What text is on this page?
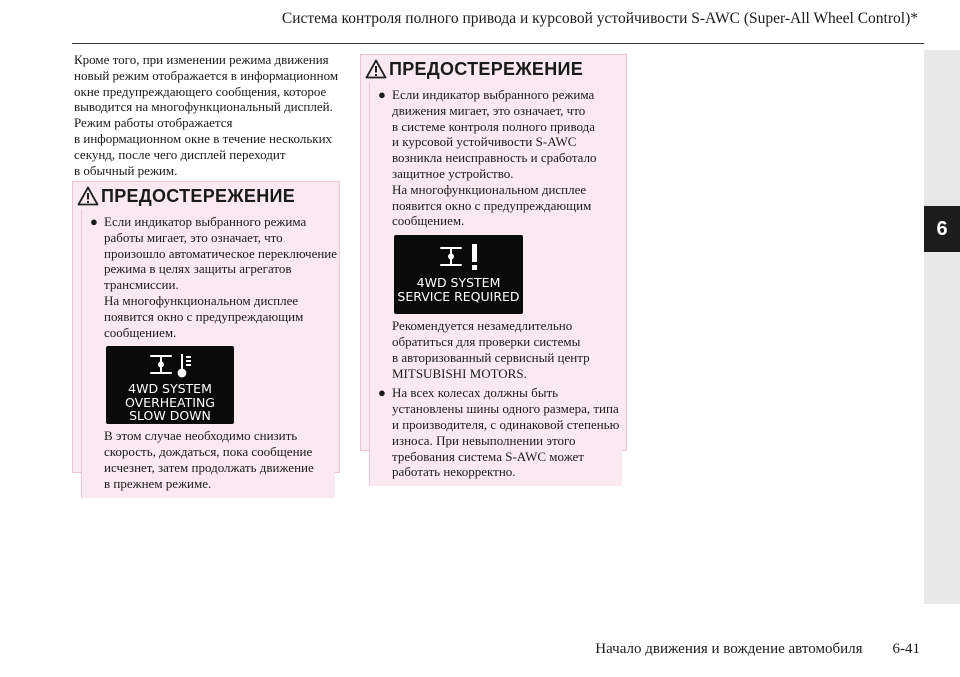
Система контроля полного привода и курсовой устойчивости S-AWC (Super-All Wheel Control)*
6

Кроме того, при изменении режима движения
новый режим отображается в информационном
окне предупреждающего сообщения, которое
выводится на многофункциональный дисплей.
Режим работы отображается
в информационном окне в течение нескольких
секунд, после чего дисплей переходит
в обычный режим.

ПРЕДОСТЕРЕЖЕНИЕ
● Если индикатор выбранного режима
работы мигает, это означает, что
произошло автоматическое переключение
режима в целях защиты агрегатов
трансмиссии.
На многофункциональном дисплее
появится окно с предупреждающим
сообщением.
4WD SYSTEM
OVERHEATING
SLOW DOWN
В этом случае необходимо снизить
скорость, дождаться, пока сообщение
исчезнет, затем продолжать движение
в прежнем режиме.
ПРЕДОСТЕРЕЖЕНИЕ
● Если индикатор выбранного режима
движения мигает, это означает, что
в системе контроля полного привода
и курсовой устойчивости S-AWC
возникла неисправность и сработало
защитное устройство.
На многофункциональном дисплее
появится окно с предупреждающим
сообщением.
4WD SYSTEM
SERVICE REQUIRED
Рекомендуется незамедлительно
обратиться для проверки системы
в авторизованный сервисный центр
MITSUBISHI MOTORS.
● На всех колесах должны быть
установлены шины одного размера, типа
и производителя, с одинаковой степенью
износа. При невыполнении этого
требования система S-AWC может
работать некорректно.
Начало движения и вождение автомобиля 6-41
